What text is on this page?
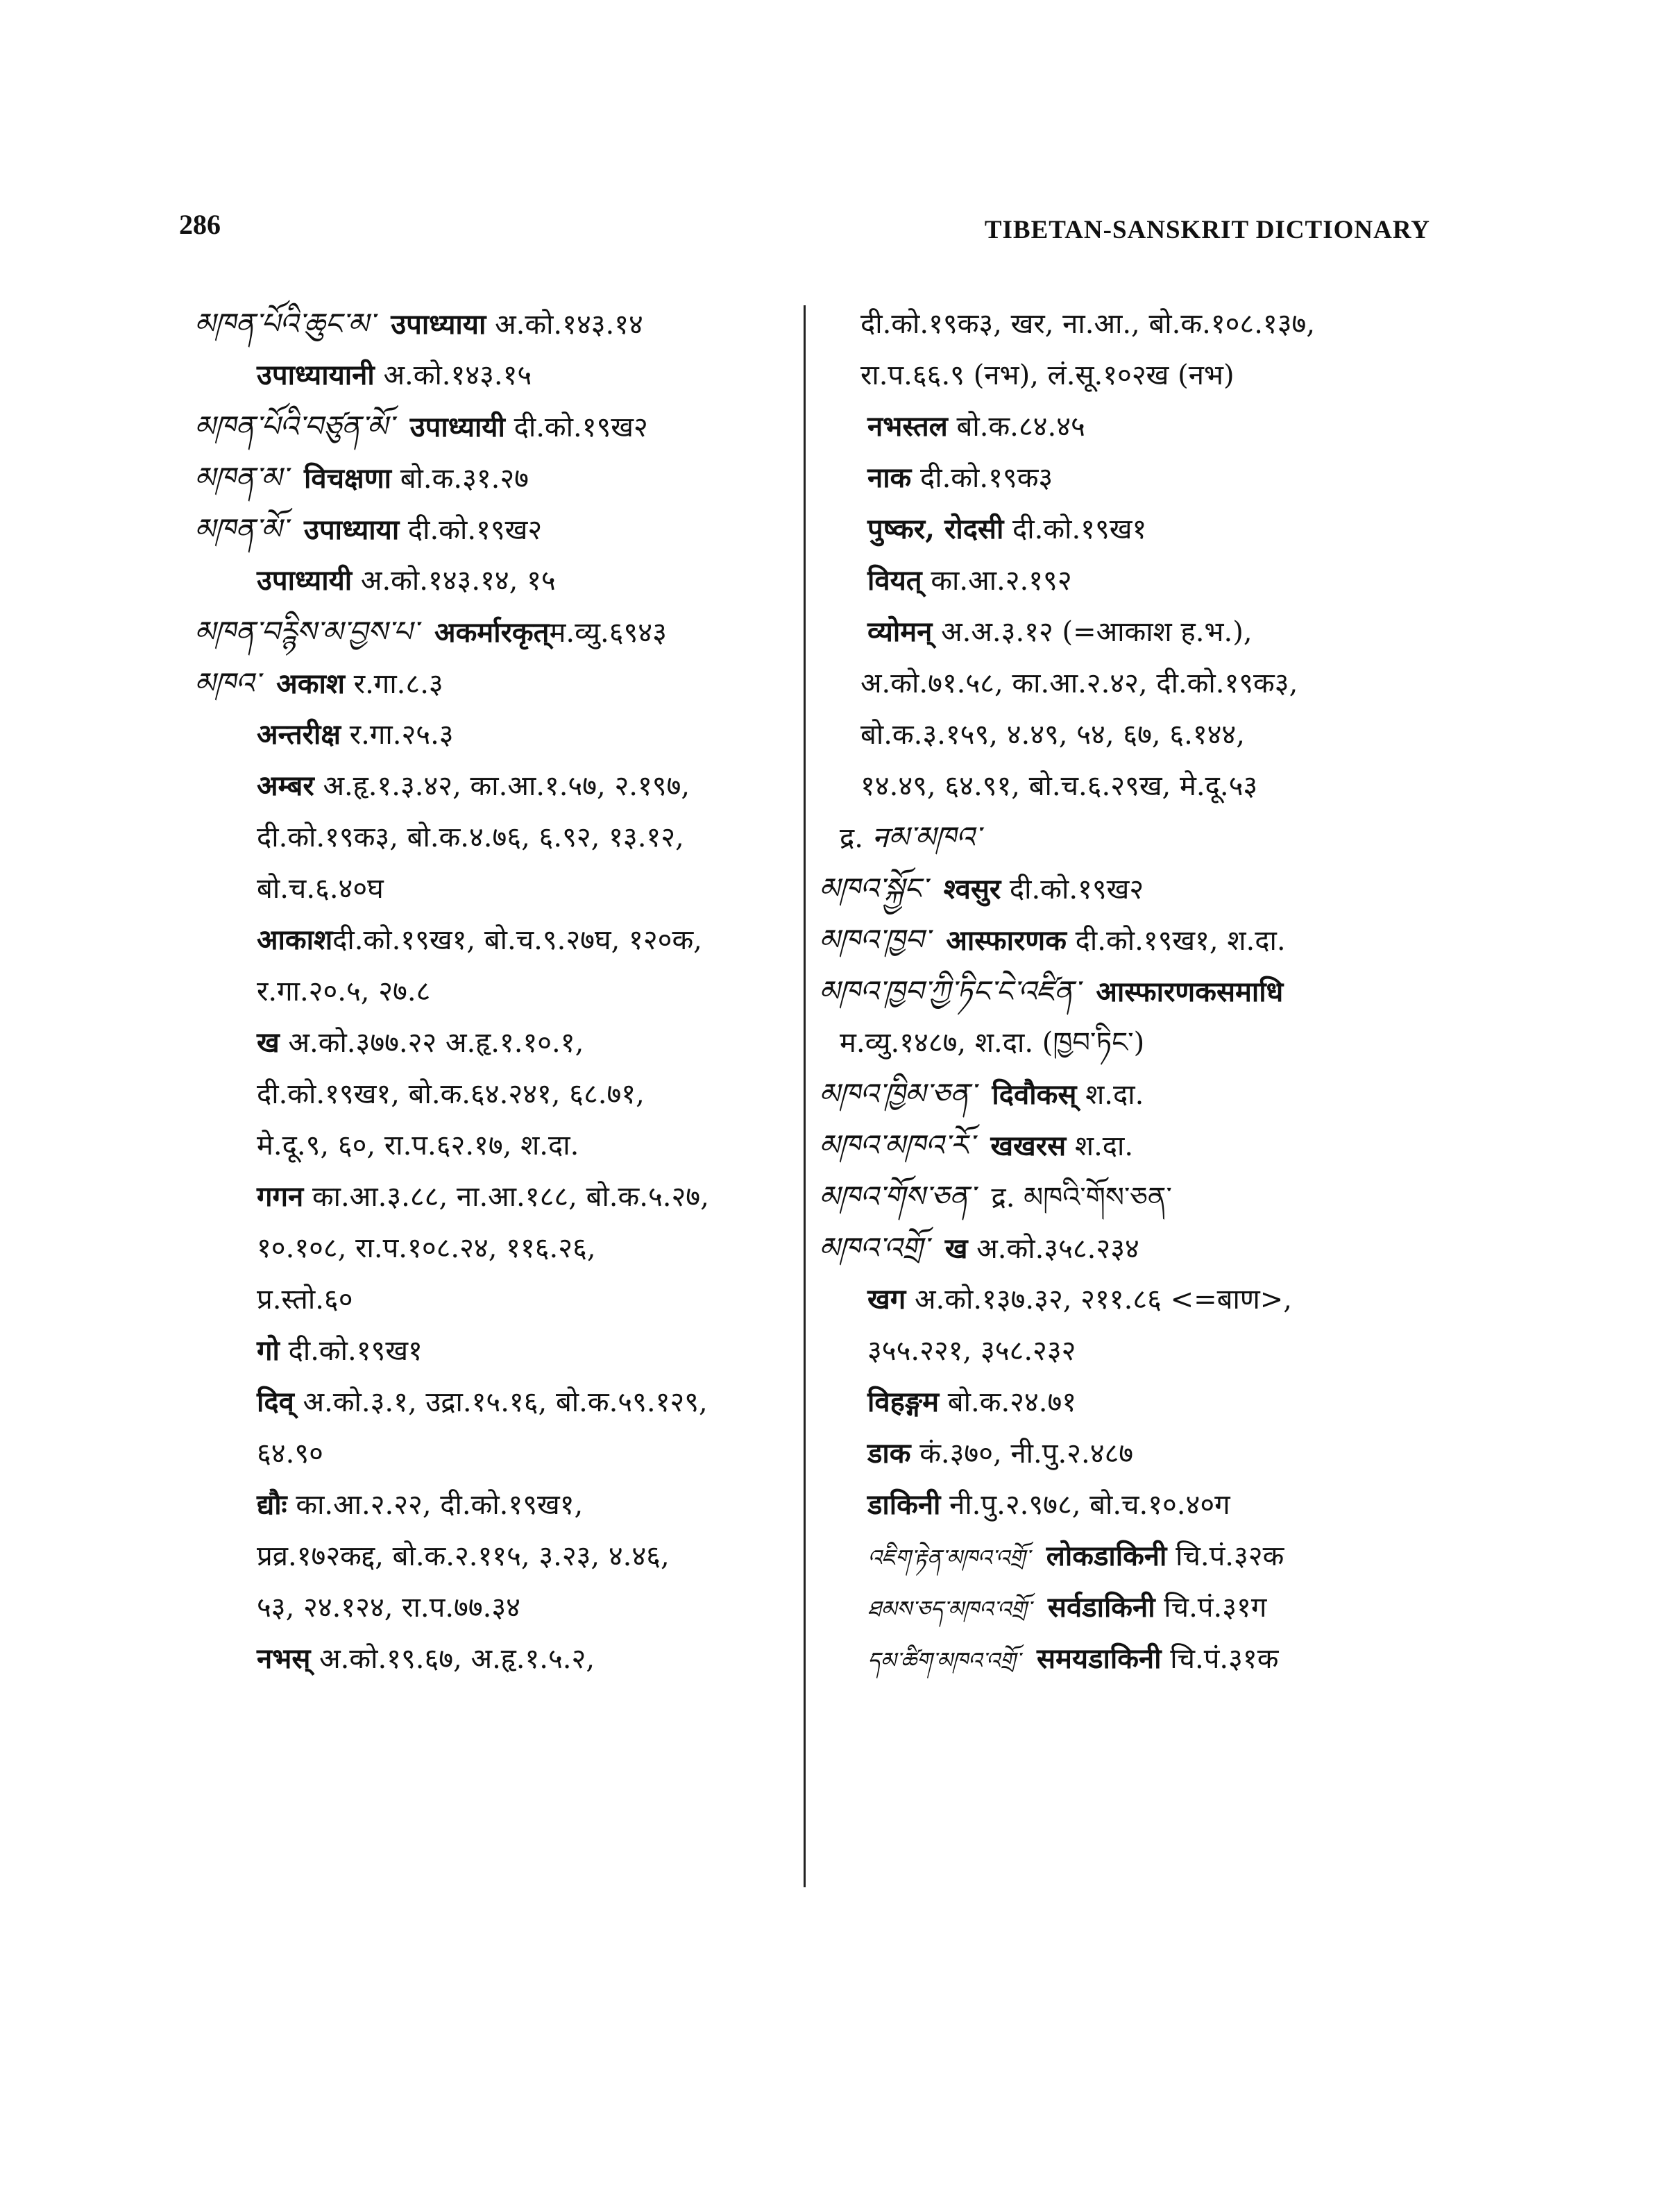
286	TIBETAN-SANSKRIT DICTIONARY
མཁན་པོའི་ཆུང་མ་ उपाध्याया अ.को.१४३.१४
उपाध्यायानी अ.को.१४३.१५
མཁན་པོའི་བཙུན་མོ་ उपाध्यायी दी.को.१९ख२
མཁན་མ་ विचक्षणा बो.क.३१.२७
མཁན་མོ་ उपाध्याया दी.को.१९ख२
उपाध्यायी अ.को.१४३.१४, १५
མཁན་བཪྙིས་མ་བྱས་པ་ अकर्मारकृत्म.व्यु.६९४३
མཁའ་ अकाश र.गा.८.३
अन्तरीक्ष र.गा.२५.३
अम्बर अ.हृ.१.३.४२, का.आ.१.५७, २.१९७,
दी.को.१९क३, बो.क.४.७६, ६.९२, १३.१२,
बो.च.६.४०घ
आकाशदी.को.१९ख१, बो.च.९.२७घ, १२०क,
र.गा.२०.५, २७.८
ख अ.को.३७७.२२ अ.हृ.१.१०.१,
दी.को.१९ख१, बो.क.६४.२४१, ६८.७१,
मे.दू.९, ६०, रा.प.६२.१७, श.दा.
गगन का.आ.३.८८, ना.आ.१८८, बो.क.५.२७,
१०.१०८, रा.प.१०८.२४, ११६.२६,
प्र.स्तो.६०
गो दी.को.१९ख१
दिव् अ.को.३.१, उद्रा.१५.१६, बो.क.५९.१२९,
६४.९०
द्यौः का.आ.२.२२, दी.को.१९ख१,
प्रव्र.१७२कद्द, बो.क.२.११५, ३.२३, ४.४६,
५३, २४.१२४, रा.प.७७.३४
नभस् अ.को.१९.६७, अ.हृ.१.५.२,
दी.को.१९क३, खर, ना.आ., बो.क.१०८.१३७,
रा.प.६६.९ (नभ), लं.सू.१०२ख (नभ)
नभस्तल बो.क.८४.४५
नाक दी.को.१९क३
पुष्कर, रोदसी दी.को.१९ख१
वियत् का.आ.२.१९२
व्योमन् अ.अ.३.१२ (=आकाश ह.भ.),
अ.को.७१.५८, का.आ.२.४२, दी.को.१९क३,
बो.क.३.१५९, ४.४९, ५४, ६७, ६.१४४,
१४.४९, ६४.९१, बो.च.६.२९ख, मे.दू.५३
द्र. नམ་མཁའ་
མཁའ་སྐྱོང་ श्वसुर दी.को.१९ख२
མཁའ་ཁྱབ་ आस्फारणक दी.को.१९ख१, श.दा.
མཁའ་ཁྱབ་ཀྱི་ཏིང་ངེ་འཛིན་ आस्फारणकसमाधि
म.व्यु.१४८७, श.दा. (ཁྱབ་ཏིང་)
མཁའ་ཁྱིམ་ཅན་ दिवौकस् श.दा.
མཁའ་མཁའ་རོ་ खखरस श.दा.
མཁའ་གོས་ཅན་ द्र. མཁའི་གོས་ཅན་
མཁའ་འགྲོ་ ख अ.को.३५८.२३४
खग अ.को.१३७.३२, २११.८६ <=बाण>,
३५५.२२१, ३५८.२३२
विहङ्गम बो.क.२४.७१
डाक कं.३७०, नी.पु.२.४८७
डाकिनी नी.पु.२.९७८, बो.च.१०.४०ग
འཇིག་རྟེན་མཁའ་འགྲོ་ लोकडाकिनी चि.पं.३२क
ཐམས་ཅད་མཁའ་འགྲོ་ सर्वडाकिनी चि.पं.३१ग
དམ་ཚིག་མཁའ་འགྲོ་ समयडाकिनी चि.पं.३१क
